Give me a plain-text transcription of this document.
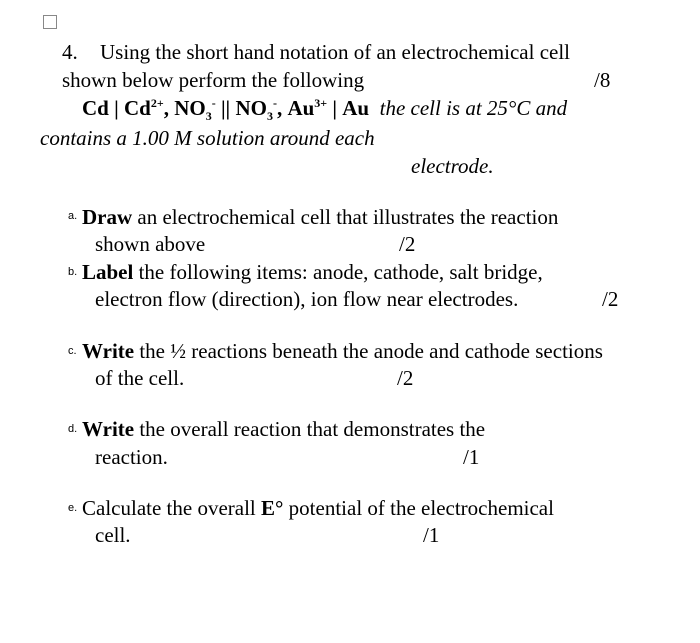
4. Using the short hand notation of an electrochemical cell
shown below perform the following	/8
Cd | $Cd^{2+}$, $NO_3^-$ || $NO_3^-$, $Au^{3+}$ | Au the cell is at 25°C and
contains a 1.00 M solution around each
electrode.
a. Draw an electrochemical cell that illustrates the reaction
shown above	/2
b. Label the following items: anode, cathode, salt bridge,
electron flow (direction), ion flow near electrodes.	/2
c. Write the ½ reactions beneath the anode and cathode sections
of the cell.	/2
d. Write the overall reaction that demonstrates the
reaction.	/1
e. Calculate the overall E° potential of the electrochemical
cell.	/1
